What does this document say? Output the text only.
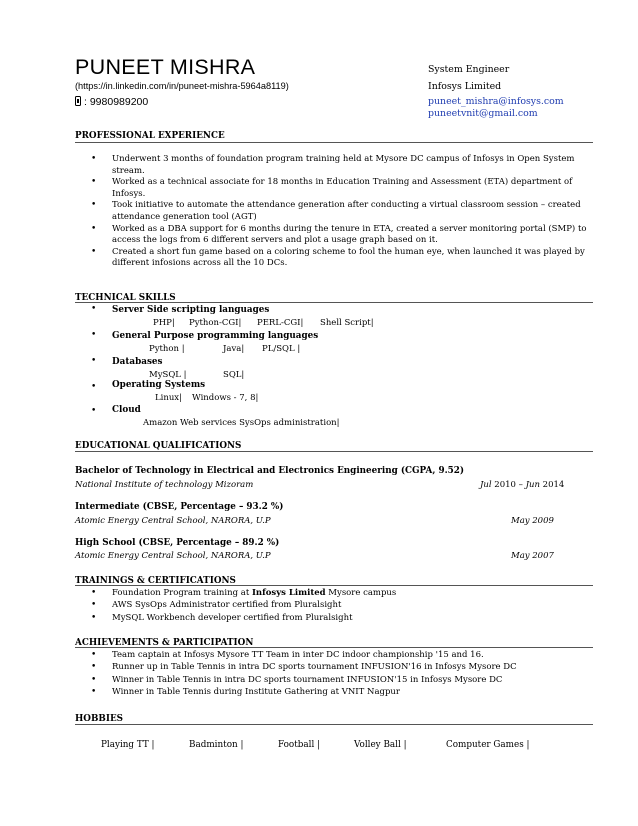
PUNEET MISHRA
(https://in.linkedin.com/in/puneet-mishra-5964a8119)
: 9980989200
System Engineer
Infosys Limited
puneet_mishra@infosys.com
puneetvnit@gmail.com
PROFESSIONAL EXPERIENCE
• Underwent 3 months of foundation program training held at Mysore DC campus of Infosys in Open System stream.
• Worked as a technical associate for 18 months in Education Training and Assessment (ETA) department of Infosys.
• Took initiative to automate the attendance generation after conducting a virtual classroom session – created attendance generation tool (AGT)
• Worked as a DBA support for 6 months during the tenure in ETA, created a server monitoring portal (SMP) to access the logs from 6 different servers and plot a usage graph based on it.
• Created a short fun game based on a coloring scheme to fool the human eye, when launched it was played by different infosions across all the 10 DCs.
TECHNICAL SKILLS
• Server Side scripting languages
PHP| Python-CGI| PERL-CGI| Shell Script|
• General Purpose programming languages
Python |	Java| PL/SQL |
• Databases
MySQL |	SQL|
• Operating Systems
Linux| Windows - 7, 8|
• Cloud
Amazon Web services SysOps administration|
EDUCATIONAL QUALIFICATIONS
Bachelor of Technology in Electrical and Electronics Engineering (CGPA, 9.52)
National Institute of technology Mizoram	Jul 2010 – Jun 2014
Intermediate (CBSE, Percentage – 93.2 %)
Atomic Energy Central School, NARORA, U.P	May 2009
High School (CBSE, Percentage – 89.2 %)
Atomic Energy Central School, NARORA, U.P	May 2007
TRAININGS & CERTIFICATIONS
• Foundation Program training at Infosys Limited Mysore campus
• AWS SysOps Administrator certified from Pluralsight
• MySQL Workbench developer certified from Pluralsight
ACHIEVEMENTS & PARTICIPATION
• Team captain at Infosys Mysore TT Team in inter DC indoor championship '15 and 16.
• Runner up in Table Tennis in intra DC sports tournament INFUSION'16 in Infosys Mysore DC
• Winner in Table Tennis in intra DC sports tournament INFUSION'15 in Infosys Mysore DC
• Winner in Table Tennis during Institute Gathering at VNIT Nagpur
HOBBIES
Playing TT |	Badminton |	Football |	Volley Ball |	Computer Games |
